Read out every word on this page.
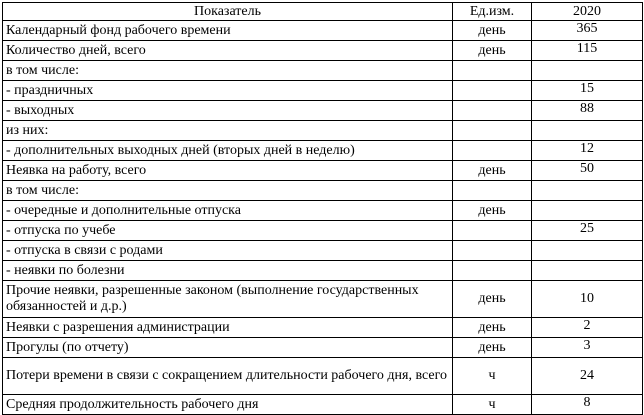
Показатель	Ед.изм.	2020
Календарный фонд рабочего времени	день	365
Количество дней, всего	день	115
в том числе:		
- праздничных		15
- выходных		88
из них:		
- дополнительных выходных дней (вторых дней в неделю)		12
Неявка на работу, всего	день	50
в том числе:		
- очередные и дополнительные отпуска	день	
- отпуска по учебе		25
- отпуска в связи с родами		
- неявки по болезни		
Прочие неявки, разрешенные законом (выполнение государственных обязанностей и д.р.)	день	10
Неявки с разрешения администрации	день	2
Прогулы (по отчету)	день	3
Потери времени в связи с сокращением длительности рабочего дня, всего	ч	24
Средняя продолжительность рабочего дня	ч	8
